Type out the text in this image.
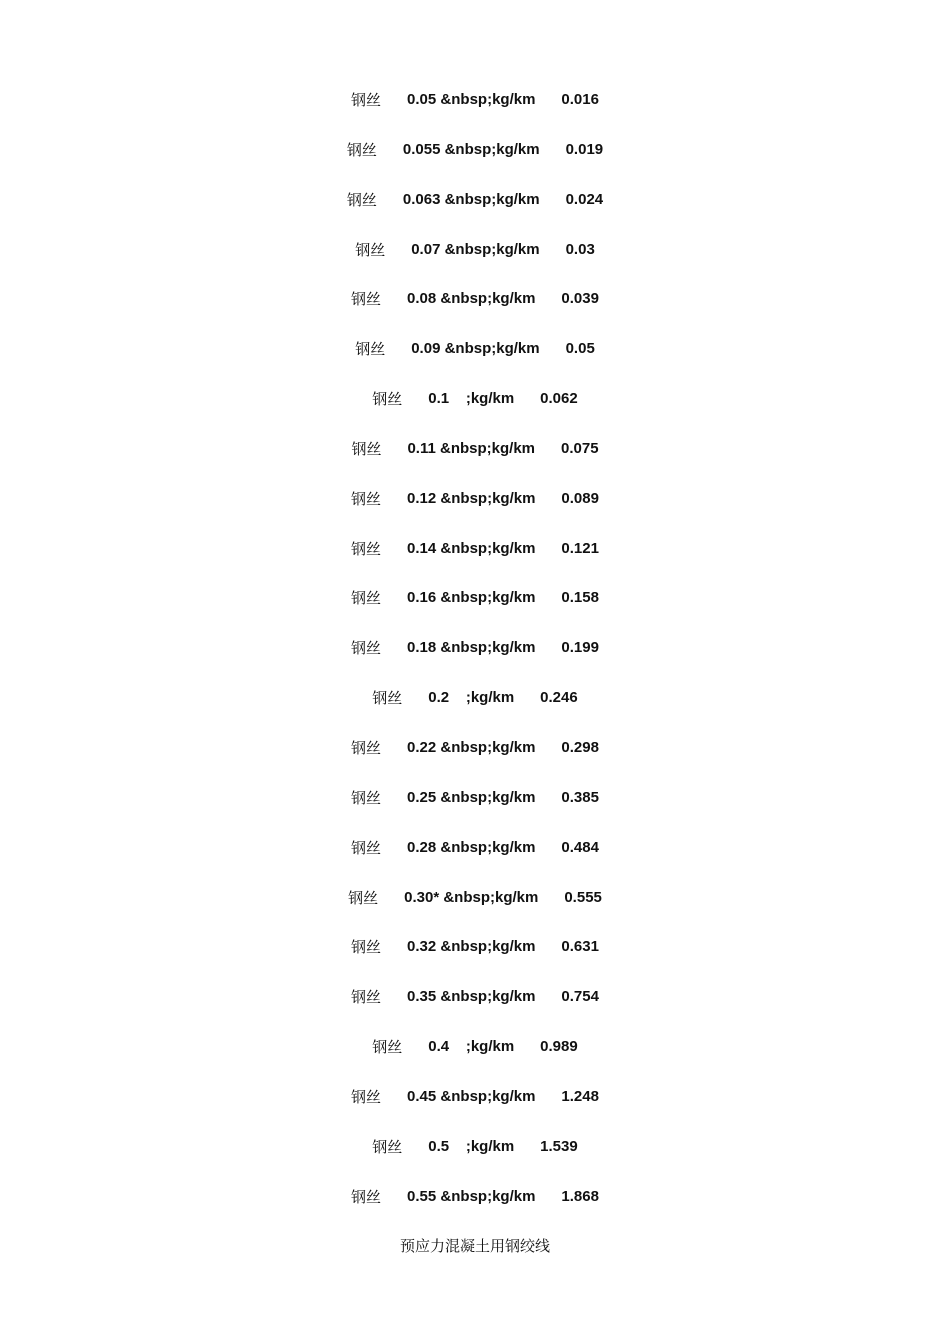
钢丝 0.05 &nbsp;kg/km 0.016
钢丝 0.055 &nbsp;kg/km 0.019
钢丝 0.063 &nbsp;kg/km 0.024
钢丝 0.07 &nbsp;kg/km 0.03
钢丝 0.08 &nbsp;kg/km 0.039
钢丝 0.09 &nbsp;kg/km 0.05
钢丝 0.1    ;kg/km 0.062
钢丝 0.11 &nbsp;kg/km 0.075
钢丝 0.12 &nbsp;kg/km 0.089
钢丝 0.14 &nbsp;kg/km 0.121
钢丝 0.16 &nbsp;kg/km 0.158
钢丝 0.18 &nbsp;kg/km 0.199
钢丝 0.2    ;kg/km 0.246
钢丝 0.22 &nbsp;kg/km 0.298
钢丝 0.25 &nbsp;kg/km 0.385
钢丝 0.28 &nbsp;kg/km 0.484
钢丝 0.30* &nbsp;kg/km 0.555
钢丝 0.32 &nbsp;kg/km 0.631
钢丝 0.35 &nbsp;kg/km 0.754
钢丝 0.4    ;kg/km 0.989
钢丝 0.45 &nbsp;kg/km 1.248
钢丝 0.5    ;kg/km 1.539
钢丝 0.55 &nbsp;kg/km 1.868
预应力混凝土用钢绞线
